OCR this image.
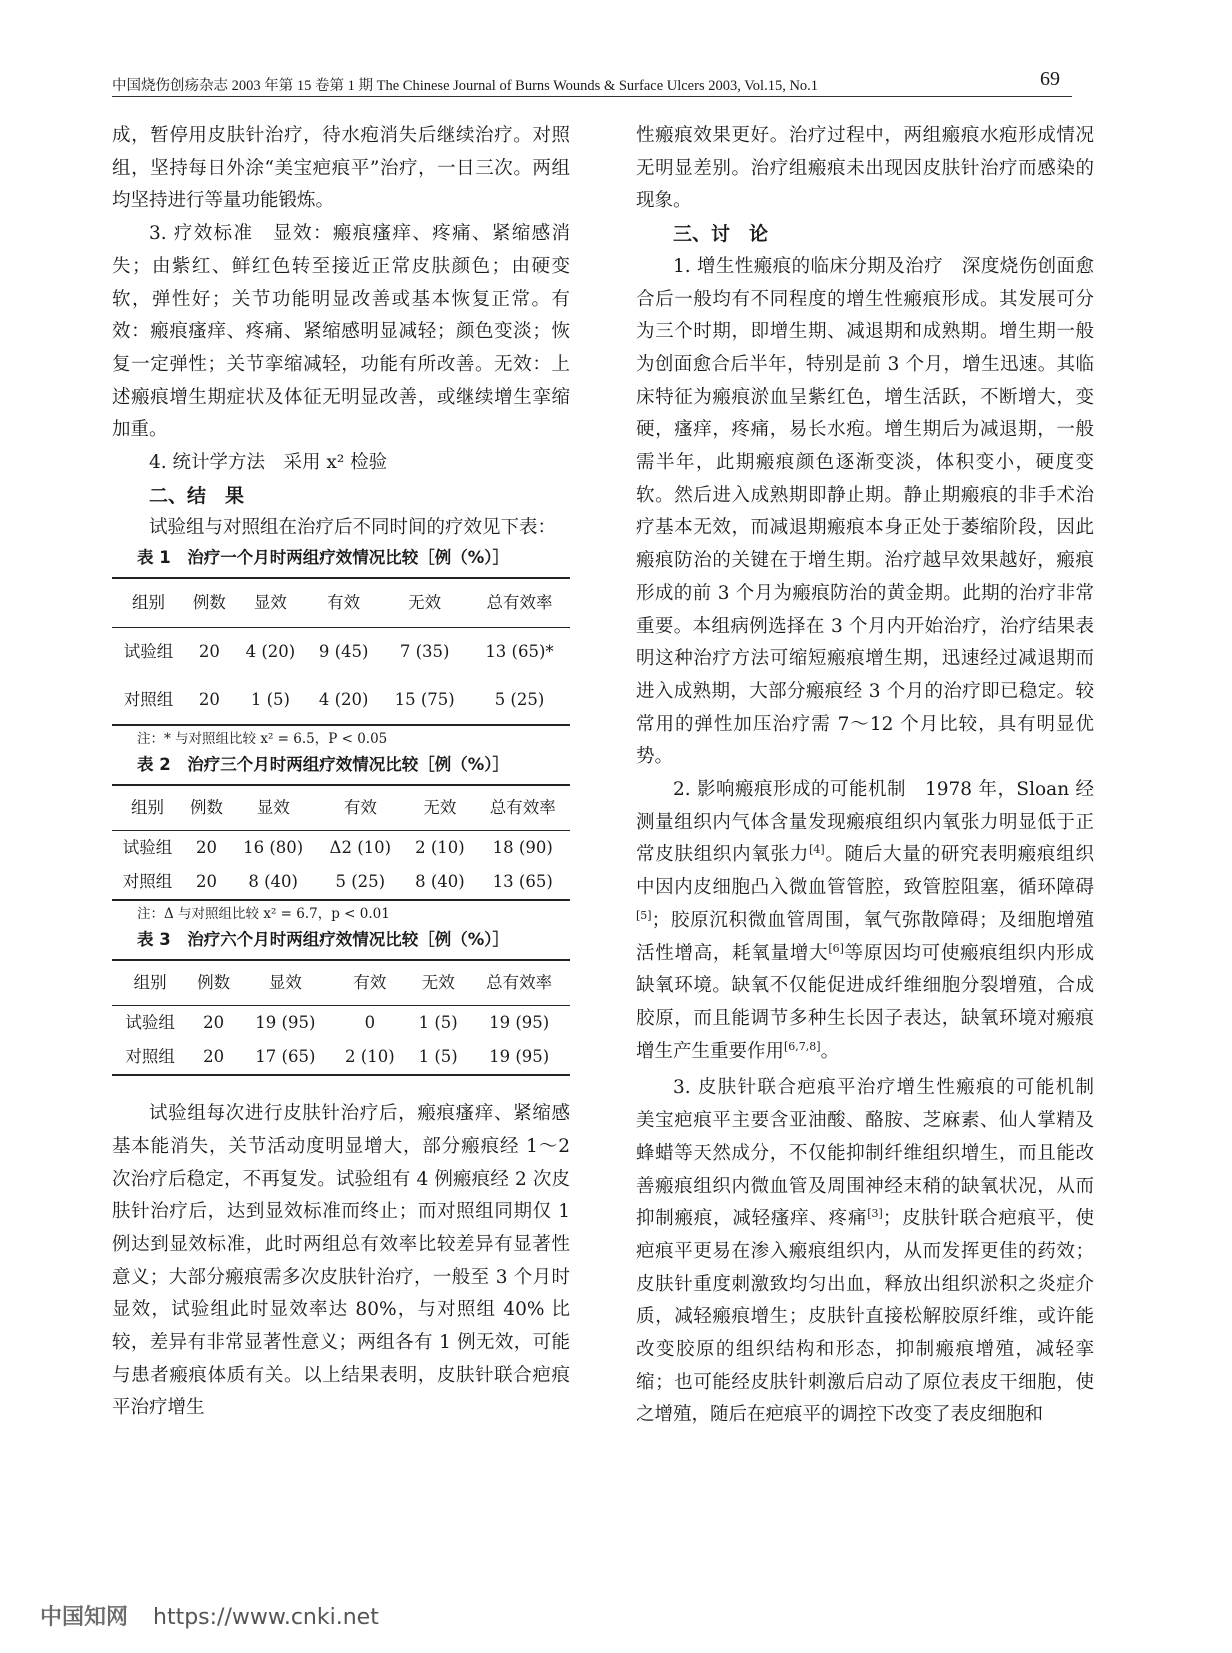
中国烧伤创疡杂志 2003 年第 15 卷第 1 期 The Chinese Journal of Burns Wounds & Surface Ulcers 2003, Vol.15, No.1	69

成，暂停用皮肤针治疗，待水疱消失后继续治疗。对照组，坚持每日外涂“美宝疤痕平”治疗，一日三次。两组均坚持进行等量功能锻炼。

3. 疗效标准　显效：瘢痕瘙痒、疼痛、紧缩感消失；由紫红、鲜红色转至接近正常皮肤颜色；由硬变软，弹性好；关节功能明显改善或基本恢复正常。有效：瘢痕瘙痒、疼痛、紧缩感明显减轻；颜色变淡；恢复一定弹性；关节挛缩减轻，功能有所改善。无效：上述瘢痕增生期症状及体征无明显改善，或继续增生挛缩加重。

4. 统计学方法　采用 x² 检验

二、结　果

试验组与对照组在治疗后不同时间的疗效见下表：

表 1　治疗一个月时两组疗效情况比较［例（%）］

组别	例数	显效	有效	无效	总有效率
试验组	20	4 (20)	9 (45)	7 (35)	13 (65)*
对照组	20	1 (5)	4 (20)	15 (75)	5 (25)

注：* 与对照组比较 x² = 6.5，P < 0.05

表 2　治疗三个月时两组疗效情况比较［例（%）］

组别	例数	显效	有效	无效	总有效率
试验组	20	16 (80)	Δ2 (10)	2 (10)	18 (90)
对照组	20	8 (40)	5 (25)	8 (40)	13 (65)

注：Δ 与对照组比较 x² = 6.7，p < 0.01

表 3　治疗六个月时两组疗效情况比较［例（%）］

组别	例数	显效	有效	无效	总有效率
试验组	20	19 (95)	0	1 (5)	19 (95)
对照组	20	17 (65)	2 (10)	1 (5)	19 (95)

试验组每次进行皮肤针治疗后，瘢痕瘙痒、紧缩感基本能消失，关节活动度明显增大，部分瘢痕经 1～2 次治疗后稳定，不再复发。试验组有 4 例瘢痕经 2 次皮肤针治疗后，达到显效标准而终止；而对照组同期仅 1 例达到显效标准，此时两组总有效率比较差异有显著性意义；大部分瘢痕需多次皮肤针治疗，一般至 3 个月时显效，试验组此时显效率达 80%，与对照组 40% 比较，差异有非常显著性意义；两组各有 1 例无效，可能与患者瘢痕体质有关。以上结果表明，皮肤针联合疤痕平治疗增生

性瘢痕效果更好。治疗过程中，两组瘢痕水疱形成情况无明显差别。治疗组瘢痕未出现因皮肤针治疗而感染的现象。

三、讨　论

1. 增生性瘢痕的临床分期及治疗　深度烧伤创面愈合后一般均有不同程度的增生性瘢痕形成。其发展可分为三个时期，即增生期、减退期和成熟期。增生期一般为创面愈合后半年，特别是前 3 个月，增生迅速。其临床特征为瘢痕淤血呈紫红色，增生活跃，不断增大，变硬，瘙痒，疼痛，易长水疱。增生期后为减退期，一般需半年，此期瘢痕颜色逐渐变淡，体积变小，硬度变软。然后进入成熟期即静止期。静止期瘢痕的非手术治疗基本无效，而减退期瘢痕本身正处于萎缩阶段，因此瘢痕防治的关键在于增生期。治疗越早效果越好，瘢痕形成的前 3 个月为瘢痕防治的黄金期。此期的治疗非常重要。本组病例选择在 3 个月内开始治疗，治疗结果表明这种治疗方法可缩短瘢痕增生期，迅速经过减退期而进入成熟期，大部分瘢痕经 3 个月的治疗即已稳定。较常用的弹性加压治疗需 7～12 个月比较，具有明显优势。

2. 影响瘢痕形成的可能机制　1978 年，Sloan 经测量组织内气体含量发现瘢痕组织内氧张力明显低于正常皮肤组织内氧张力[4]。随后大量的研究表明瘢痕组织中因内皮细胞凸入微血管管腔，致管腔阻塞，循环障碍[5]；胶原沉积微血管周围，氧气弥散障碍；及细胞增殖活性增高，耗氧量增大[6]等原因均可使瘢痕组织内形成缺氧环境。缺氧不仅能促进成纤维细胞分裂增殖，合成胶原，而且能调节多种生长因子表达，缺氧环境对瘢痕增生产生重要作用[6,7,8]。

3. 皮肤针联合疤痕平治疗增生性瘢痕的可能机制　美宝疤痕平主要含亚油酸、酪胺、芝麻素、仙人掌精及蜂蜡等天然成分，不仅能抑制纤维组织增生，而且能改善瘢痕组织内微血管及周围神经末稍的缺氧状况，从而抑制瘢痕，减轻瘙痒、疼痛[3]；皮肤针联合疤痕平，使疤痕平更易在渗入瘢痕组织内，从而发挥更佳的药效；皮肤针重度刺激致均匀出血，释放出组织淤积之炎症介质，减轻瘢痕增生；皮肤针直接松解胶原纤维，或许能改变胶原的组织结构和形态，抑制瘢痕增殖，减轻挛缩；也可能经皮肤针刺激后启动了原位表皮干细胞，使之增殖，随后在疤痕平的调控下改变了表皮细胞和

中国知网 https://www.cnki.net
